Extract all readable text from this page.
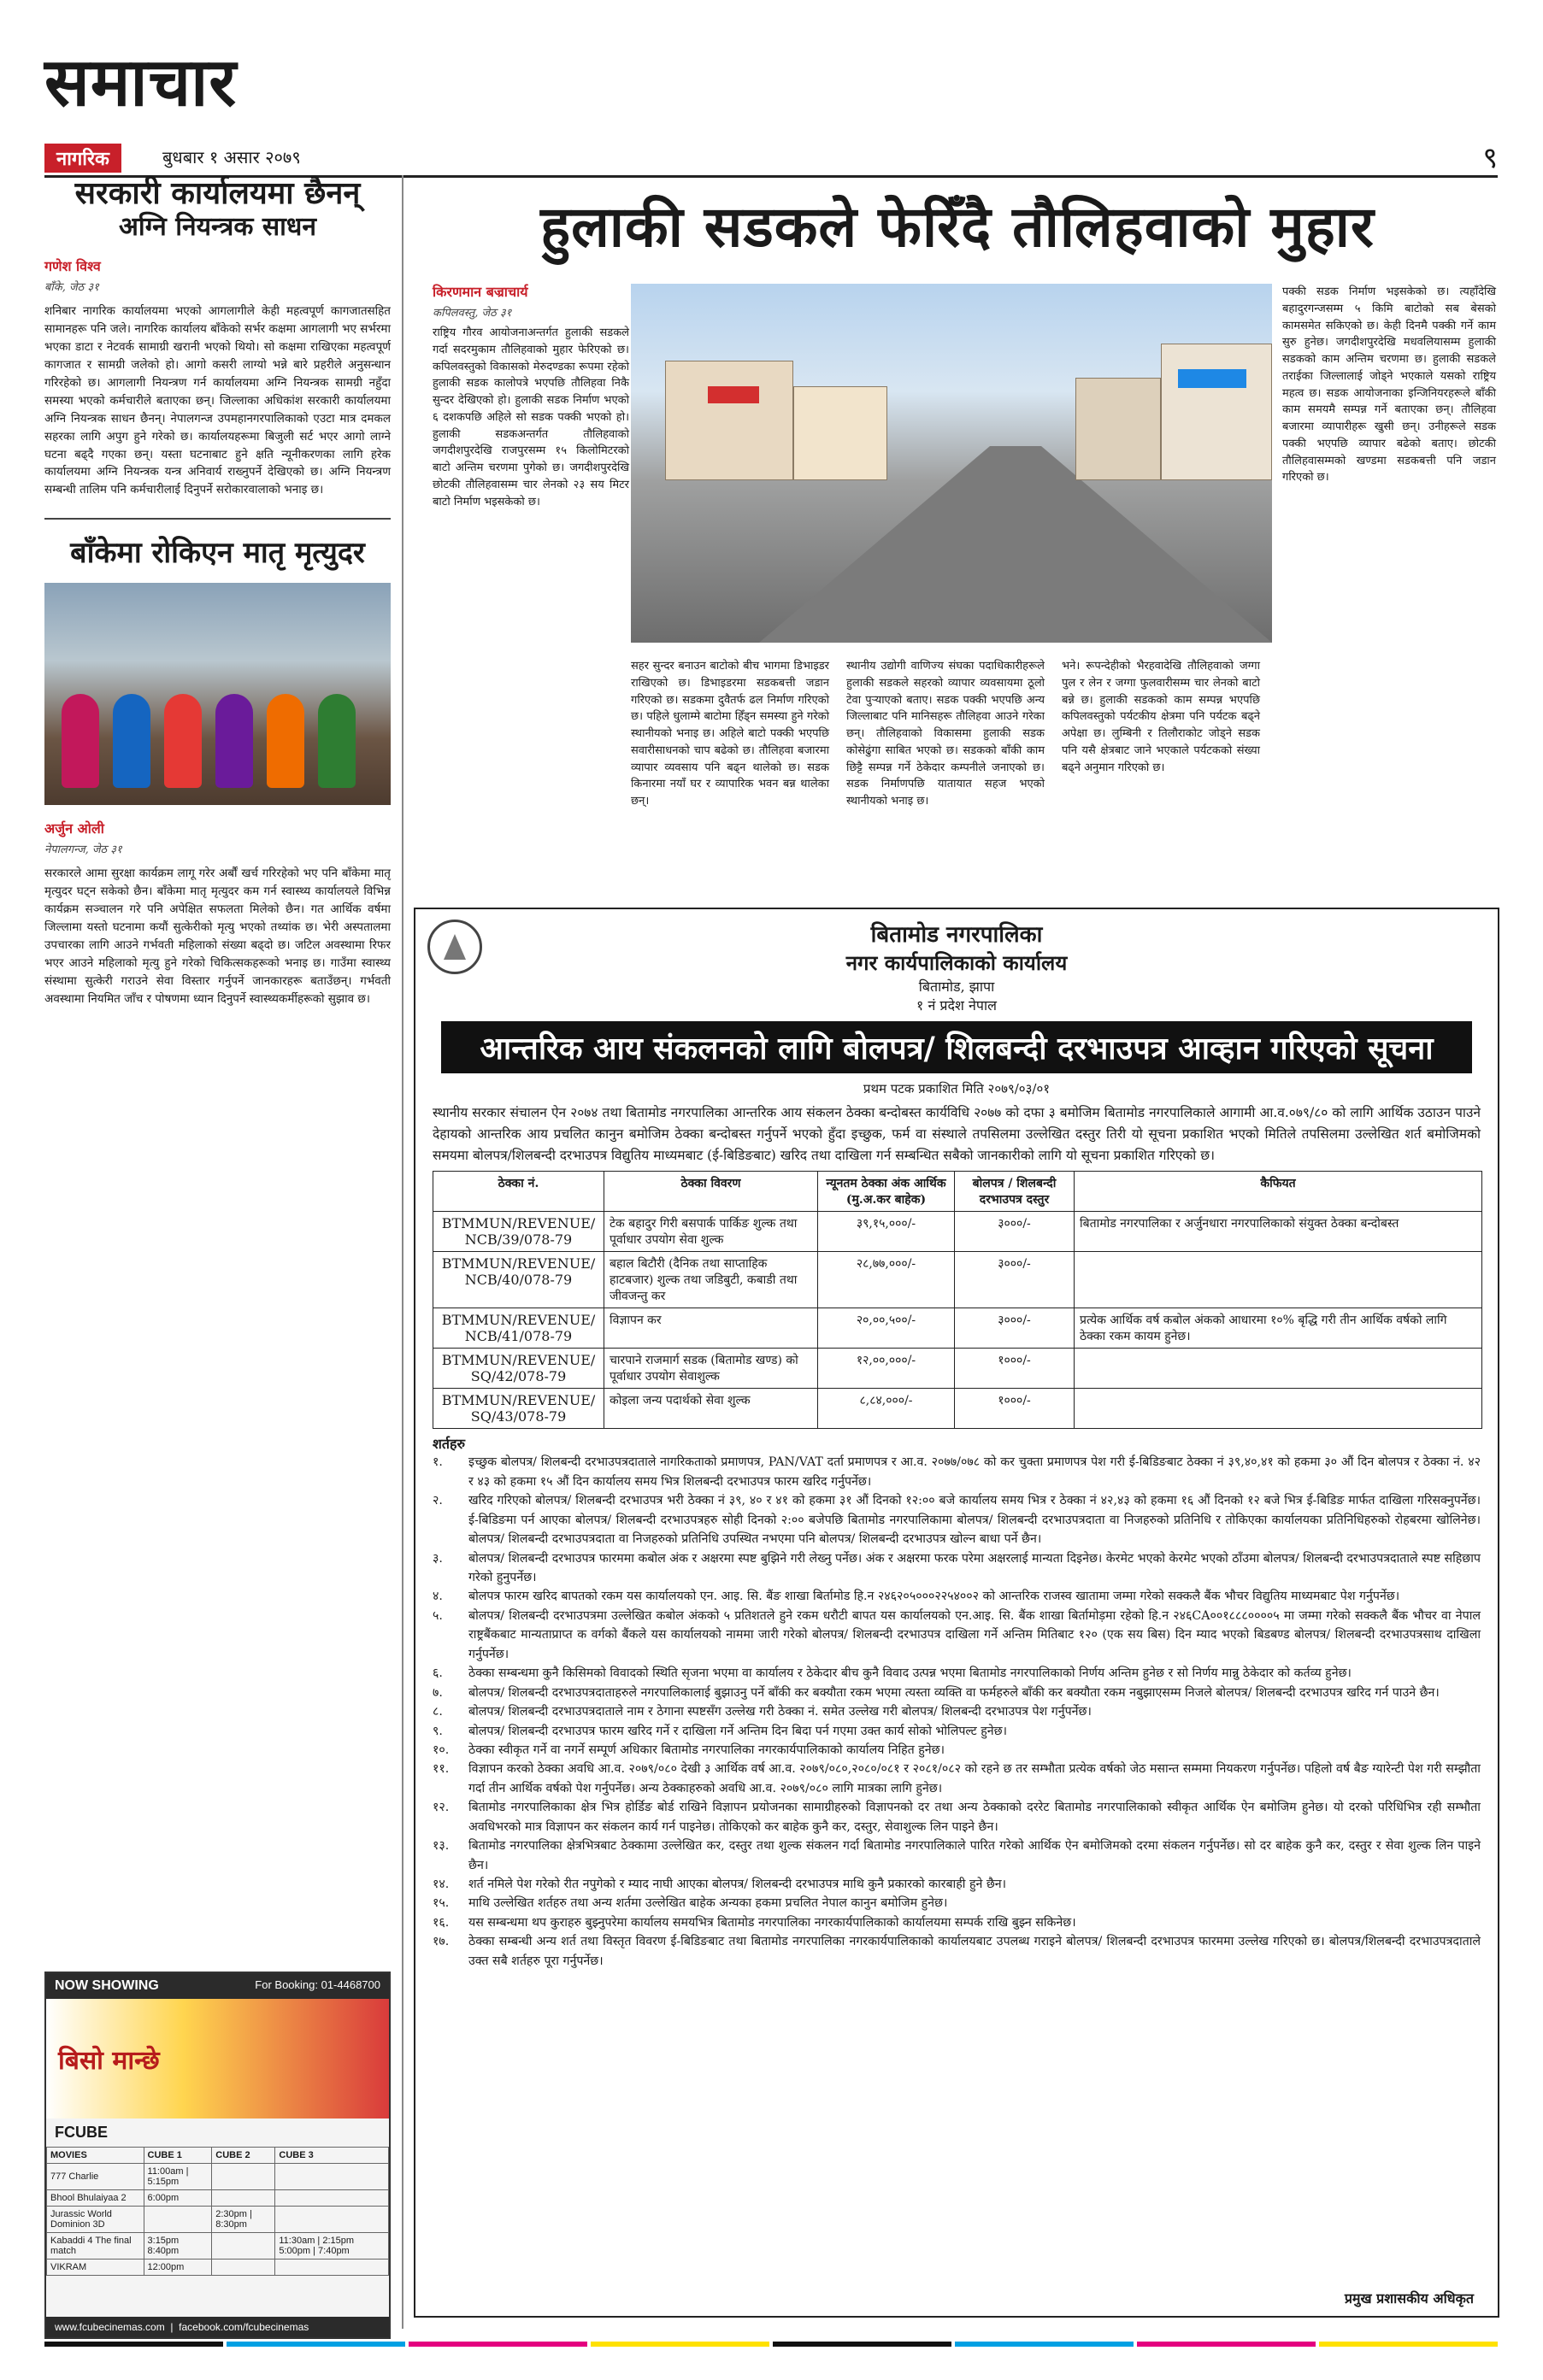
समाचार
नागरिक	बुधबार १ असार २०७९	९
सरकारी कार्यालयमा छैनन्
अग्नि नियन्त्रक साधन
गणेश विश्व
बाँके, जेठ ३१
शनिबार नागरिक कार्यालयमा भएको आगलागीले केही महत्वपूर्ण कागजातसहित सामानहरू पनि जले। नागरिक कार्यालय बाँकेको सर्भर कक्षमा आगलागी भए सर्भरमा भएका डाटा र नेटवर्क सामाग्री खरानी भएको थियो। सो कक्षमा राखिएका महत्वपूर्ण कागजात र सामग्री जलेको हो। आगो कसरी लाग्यो भन्ने बारे प्रहरीले अनुसन्धान गरिरहेको छ। आगलागी नियन्त्रण गर्न कार्यालयमा अग्नि नियन्त्रक सामग्री नहुँदा समस्या भएको कर्मचारीले बताएका छन्। जिल्लाका अधिकांश सरकारी कार्यालयमा अग्नि नियन्त्रक साधन छैनन्। नेपालगन्ज उपमहानगरपालिकाको एउटा मात्र दमकल सहरका लागि अपुग हुने गरेको छ। कार्यालयहरूमा बिजुली सर्ट भएर आगो लाग्ने घटना बढ्दै गएका छन्। यस्ता घटनाबाट हुने क्षति न्यूनीकरणका लागि हरेक कार्यालयमा अग्नि नियन्त्रक यन्त्र अनिवार्य राख्नुपर्ने देखिएको छ। अग्नि नियन्त्रण सम्बन्धी तालिम पनि कर्मचारीलाई दिनुपर्ने सरोकारवालाको भनाइ छ।
बाँकेमा रोकिएन मातृ मृत्युदर
अर्जुन ओली
नेपालगन्ज, जेठ ३१
सरकारले आमा सुरक्षा कार्यक्रम लागू गरेर अर्बौं खर्च गरिरहेको भए पनि बाँकेमा मातृ मृत्युदर घट्न सकेको छैन। बाँकेमा मातृ मृत्युदर कम गर्न स्वास्थ्य कार्यालयले विभिन्न कार्यक्रम सञ्चालन गरे पनि अपेक्षित सफलता मिलेको छैन। गत आर्थिक वर्षमा जिल्लामा यस्तो घटनामा कयौं सुत्केरीको मृत्यु भएको तथ्यांक छ। भेरी अस्पतालमा उपचारका लागि आउने गर्भवती महिलाको संख्या बढ्दो छ। जटिल अवस्थामा रिफर भएर आउने महिलाको मृत्यु हुने गरेको चिकित्सकहरूको भनाइ छ। गाउँमा स्वास्थ्य संस्थामा सुत्केरी गराउने सेवा विस्तार गर्नुपर्ने जानकारहरू बताउँछन्। गर्भवती अवस्थामा नियमित जाँच र पोषणमा ध्यान दिनुपर्ने स्वास्थ्यकर्मीहरूको सुझाव छ।
NOW SHOWING	For Booking: 01-4468700
बिसो मान्छे
FCUBE
MOVIES	CUBE 1	CUBE 2	CUBE 3
777 Charlie	11:00am | 5:15pm		
Bhool Bhulaiyaa 2	6:00pm		
Jurassic World Dominion 3D		2:30pm | 8:30pm	
Kabaddi 4 The final match	3:15pm 8:40pm		11:30am | 2:15pm 5:00pm | 7:40pm
VIKRAM	12:00pm		
www.fcubecinemas.com  |  facebook.com/fcubecinemas
हुलाकी सडकले फेरिँदै तौलिहवाको मुहार
किरणमान बज्राचार्य
कपिलवस्तु, जेठ ३१
राष्ट्रिय गौरव आयोजनाअन्तर्गत हुलाकी सडकले गर्दा सदरमुकाम तौलिहवाको मुहार फेरिएको छ। कपिलवस्तुको विकासको मेरुदण्डका रूपमा रहेको हुलाकी सडक कालोपत्रे भएपछि तौलिहवा निकै सुन्दर देखिएको हो। हुलाकी सडक निर्माण भएको ६ दशकपछि अहिले सो सडक पक्की भएको हो। हुलाकी सडकअन्तर्गत तौलिहवाको जगदीशपुरदेखि राजपुरसम्म १५ किलोमिटरको बाटो अन्तिम चरणमा पुगेको छ। जगदीशपुरदेखि छोटकी तौलिहवासम्म चार लेनको २३ सय मिटर बाटो निर्माण भइसकेको छ।
पक्की सडक निर्माण भइसकेको छ। त्यहाँदेखि बहादुरगन्जसम्म ५ किमि बाटोको सब बेसको कामसमेत सकिएको छ। केही दिनमै पक्की गर्ने काम सुरु हुनेछ। जगदीशपुरदेखि मधवलियासम्म हुलाकी सडकको काम अन्तिम चरणमा छ। हुलाकी सडकले तराईका जिल्लालाई जोड्ने भएकाले यसको राष्ट्रिय महत्व छ। सडक आयोजनाका इन्जिनियरहरूले बाँकी काम समयमै सम्पन्न गर्ने बताएका छन्। तौलिहवा बजारमा व्यापारीहरू खुसी छन्। उनीहरूले सडक पक्की भएपछि व्यापार बढेको बताए। छोटकी तौलिहवासम्मको खण्डमा सडकबत्ती पनि जडान गरिएको छ।
सहर सुन्दर बनाउन बाटोको बीच भागमा डिभाइडर राखिएको छ। डिभाइडरमा सडकबत्ती जडान गरिएको छ। सडकमा दुवैतर्फ ढल निर्माण गरिएको छ। पहिले धुलाम्मे बाटोमा हिँड्न समस्या हुने गरेको स्थानीयको भनाइ छ। अहिले बाटो पक्की भएपछि सवारीसाधनको चाप बढेको छ। तौलिहवा बजारमा व्यापार व्यवसाय पनि बढ्न थालेको छ। सडक किनारमा नयाँ घर र व्यापारिक भवन बन्न थालेका छन्।
स्थानीय उद्योगी वाणिज्य संघका पदाधिकारीहरूले हुलाकी सडकले सहरको व्यापार व्यवसायमा ठूलो टेवा पुर्‍याएको बताए। सडक पक्की भएपछि अन्य जिल्लाबाट पनि मानिसहरू तौलिहवा आउने गरेका छन्। तौलिहवाको विकासमा हुलाकी सडक कोसेढुंगा साबित भएको छ। सडकको बाँकी काम छिट्टै सम्पन्न गर्ने ठेकेदार कम्पनीले जनाएको छ। सडक निर्माणपछि यातायात सहज भएको स्थानीयको भनाइ छ।
भने। रूपन्देहीको भैरहवादेखि तौलिहवाको जग्गा पुल र लेन र जग्गा फुलवारीसम्म चार लेनको बाटो बन्ने छ। हुलाकी सडकको काम सम्पन्न भएपछि कपिलवस्तुको पर्यटकीय क्षेत्रमा पनि पर्यटक बढ्ने अपेक्षा छ। लुम्बिनी र तिलौराकोट जोड्ने सडक पनि यसै क्षेत्रबाट जाने भएकाले पर्यटकको संख्या बढ्ने अनुमान गरिएको छ।
बितामोड नगरपालिका
नगर कार्यपालिकाको कार्यालय
बितामोड, झापा
१ नं प्रदेश नेपाल
आन्तरिक आय संकलनको लागि बोलपत्र/ शिलबन्दी दरभाउपत्र आव्हान गरिएको सूचना
प्रथम पटक प्रकाशित मिति २०७९/०३/०१
स्थानीय सरकार संचालन ऐन २०७४ तथा बितामोड नगरपालिका आन्तरिक आय संकलन ठेक्का बन्दोबस्त कार्यविधि २०७७ को दफा ३ बमोजिम बितामोड नगरपालिकाले आगामी आ.व.०७९/८० को लागि आर्थिक उठाउन पाउने देहायको आन्तरिक आय प्रचलित कानुन बमोजिम ठेक्का बन्दोबस्त गर्नुपर्ने भएको हुँदा इच्छुक, फर्म वा संस्थाले तपसिलमा उल्लेखित दस्तुर तिरी यो सूचना प्रकाशित भएको मितिले तपसिलमा उल्लेखित शर्त बमोजिमको समयमा बोलपत्र/शिलबन्दी दरभाउपत्र विद्युतिय माध्यमबाट (ई-बिडिङबाट) खरिद तथा दाखिला गर्न सम्बन्धित सबैको जानकारीको लागि यो सूचना प्रकाशित गरिएको छ।
ठेक्का नं.	ठेक्का विवरण	न्यूनतम ठेक्का अंक आर्थिक (मु.अ.कर बाहेक)	बोलपत्र / शिलबन्दी दरभाउपत्र दस्तुर	कैफियत
BTMMUN/REVENUE/ NCB/39/078-79	टेक बहादुर गिरी बसपार्क पार्किङ शुल्क तथा पूर्वाधार उपयोग सेवा शुल्क	३९,१५,०००/-	३०००/-	बितामोड नगरपालिका र अर्जुनधारा नगरपालिकाको संयुक्त ठेक्का बन्दोबस्त
BTMMUN/REVENUE/ NCB/40/078-79	बहाल बिटौरी (दैनिक तथा साप्ताहिक हाटबजार) शुल्क तथा जडिबुटी, कबाडी तथा जीवजन्तु कर	२८,७७,०००/-	३०००/-	
BTMMUN/REVENUE/ NCB/41/078-79	विज्ञापन कर	२०,००,५००/-	३०००/-	प्रत्येक आर्थिक वर्ष कबोल अंकको आधारमा १०% बृद्धि गरी तीन आर्थिक वर्षको लागि ठेक्का रकम कायम हुनेछ।
BTMMUN/REVENUE/ SQ/42/078-79	चारपाने राजमार्ग सडक (बितामोड खण्ड) को पूर्वाधार उपयोग सेवाशुल्क	१२,००,०००/-	१०००/-	
BTMMUN/REVENUE/ SQ/43/078-79	कोइला जन्य पदार्थको सेवा शुल्क	८,८४,०००/-	१०००/-	
शर्तहरु
१.	इच्छुक बोलपत्र/ शिलबन्दी दरभाउपत्रदाताले नागरिकताको प्रमाणपत्र, PAN/VAT दर्ता प्रमाणपत्र र आ.व. २०७७/०७८ को कर चुक्ता प्रमाणपत्र पेश गरी ई-बिडिङबाट ठेक्का नं ३९,४०,४१ को हकमा ३० औं दिन बोलपत्र र ठेक्का नं. ४२ र ४३ को हकमा १५ औं दिन कार्यालय समय भित्र शिलबन्दी दरभाउपत्र फारम खरिद गर्नुपर्नेछ।
२.	खरिद गरिएको बोलपत्र/ शिलबन्दी दरभाउपत्र भरी ठेक्का नं ३९, ४० र ४१ को हकमा ३१ औं दिनको १२:०० बजे कार्यालय समय भित्र र ठेक्का नं ४२,४३ को हकमा १६ औं दिनको १२ बजे भित्र ई-बिडिङ मार्फत दाखिला गरिसक्नुपर्नेछ। ई-बिडिङमा पर्न आएका बोलपत्र/ शिलबन्दी दरभाउपत्रहरु सोही दिनको २:०० बजेपछि बितामोड नगरपालिकामा बोलपत्र/ शिलबन्दी दरभाउपत्रदाता वा निजहरुको प्रतिनिधि र तोकिएका कार्यालयका प्रतिनिधिहरुको रोहबरमा खोलिनेछ। बोलपत्र/ शिलबन्दी दरभाउपत्रदाता वा निजहरुको प्रतिनिधि उपस्थित नभएमा पनि बोलपत्र/ शिलबन्दी दरभाउपत्र खोल्न बाधा पर्ने छैन।
३.	बोलपत्र/ शिलबन्दी दरभाउपत्र फारममा कबोल अंक र अक्षरमा स्पष्ट बुझिने गरी लेख्नु पर्नेछ। अंक र अक्षरमा फरक परेमा अक्षरलाई मान्यता दिइनेछ। केरमेट भएको केरमेट भएको ठाँउमा बोलपत्र/ शिलबन्दी दरभाउपत्रदाताले स्पष्ट सहिछाप गरेको हुनुपर्नेछ।
४.	बोलपत्र फारम खरिद बापतको रकम यस कार्यालयको एन. आइ. सि. बैंङ शाखा बिर्तामोड हि.न २४६२०५०००२२५४००२ को आन्तरिक राजस्व खातामा जम्मा गरेको सक्कलै बैंक भौचर विद्युतिय माध्यमबाट पेश गर्नुपर्नेछ।
५.	बोलपत्र/ शिलबन्दी दरभाउपत्रमा उल्लेखित कबोल अंकको ५ प्रतिशतले हुने रकम धरौटी बापत यस कार्यालयको एन.आइ. सि. बैंक शाखा बिर्तामोड़मा रहेको हि.न २४६CA००१८८८००००५ मा जम्मा गरेको सक्कलै बैंक भौचर वा नेपाल राष्ट्रबैंकबाट मान्यताप्राप्त क वर्गको बैंकले यस कार्यालयको नाममा जारी गरेको बोलपत्र/ शिलबन्दी दरभाउपत्र दाखिला गर्ने अन्तिम मितिबाट १२० (एक सय बिस) दिन म्याद भएको बिडबण्ड बोलपत्र/ शिलबन्दी दरभाउपत्रसाथ दाखिला गर्नुपर्नेछ।
६.	ठेक्का सम्बन्धमा कुनै किसिमको विवादको स्थिति सृजना भएमा वा कार्यालय र ठेकेदार बीच कुनै विवाद उत्पन्न भएमा बितामोड नगरपालिकाको निर्णय अन्तिम हुनेछ र सो निर्णय मान्नु ठेकेदार को कर्तव्य हुनेछ।
७.	बोलपत्र/ शिलबन्दी दरभाउपत्रदाताहरुले नगरपालिकालाई बुझाउनु पर्ने बाँकी कर बक्यौता रकम भएमा त्यस्ता व्यक्ति वा फर्महरुले बाँकी कर बक्यौता रकम नबुझाएसम्म निजले बोलपत्र/ शिलबन्दी दरभाउपत्र खरिद गर्न पाउने छैन।
८.	बोलपत्र/ शिलबन्दी दरभाउपत्रदाताले नाम र ठेगाना स्पष्टसँग उल्लेख गरी ठेक्का नं. समेत उल्लेख गरी बोलपत्र/ शिलबन्दी दरभाउपत्र पेश गर्नुपर्नेछ।
९.	बोलपत्र/ शिलबन्दी दरभाउपत्र फारम खरिद गर्ने र दाखिला गर्ने अन्तिम दिन बिदा पर्न गएमा उक्त कार्य सोको भोलिपल्ट हुनेछ।
१०.	ठेक्का स्वीकृत गर्ने वा नगर्ने सम्पूर्ण अधिकार बितामोड नगरपालिका नगरकार्यपालिकाको कार्यालय निहित हुनेछ।
११.	विज्ञापन करको ठेक्का अवधि आ.व. २०७९/०८० देखी ३ आर्थिक वर्ष आ.व. २०७९/०८०,२०८०/०८१ र २०८१/०८२ को रहने छ तर सम्भौता प्रत्येक वर्षको जेठ मसान्त सम्ममा नियकरण गर्नुपर्नेछ। पहिलो वर्ष बैङ ग्यारेन्टी पेश गरी सम्झौता गर्दा तीन आर्थिक वर्षको पेश गर्नुपर्नेछ। अन्य ठेक्काहरुको अवधि आ.व. २०७९/०८० लागि मात्रका लागि हुनेछ।
१२.	बितामोड नगरपालिकाका क्षेत्र भित्र होर्डिङ बोर्ड राखिने विज्ञापन प्रयोजनका सामाग्रीहरुको विज्ञापनको दर तथा अन्य ठेक्काको दररेट बितामोड नगरपालिकाको स्वीकृत आर्थिक ऐन बमोजिम हुनेछ। यो दरको परिधिभित्र रही सम्भौता अवधिभरको मात्र विज्ञापन कर संकलन कार्य गर्न पाइनेछ। तोकिएको कर बाहेक कुनै कर, दस्तुर, सेवाशुल्क लिन पाइने छैन।
१३.	बितामोड नगरपालिका क्षेत्रभित्रबाट ठेक्कामा उल्लेखित कर, दस्तुर तथा शुल्क संकलन गर्दा बितामोड नगरपालिकाले पारित गरेको आर्थिक ऐन बमोजिमको दरमा संकलन गर्नुपर्नेछ। सो दर बाहेक कुनै कर, दस्तुर र सेवा शुल्क लिन पाइने छैन।
१४.	शर्त नमिले पेश गरेको रीत नपुगेको र म्याद नाघी आएका बोलपत्र/ शिलबन्दी दरभाउपत्र माथि कुनै प्रकारको कारबाही हुने छैन।
१५.	माथि उल्लेखित शर्तहरु तथा अन्य शर्तमा उल्लेखित बाहेक अन्यका हकमा प्रचलित नेपाल कानुन बमोजिम हुनेछ।
१६.	यस सम्बन्धमा थप कुराहरु बुझ्नुपरेमा कार्यालय समयभित्र बितामोड नगरपालिका नगरकार्यपालिकाको कार्यालयमा सम्पर्क राखि बुझ्न सकिनेछ।
१७.	ठेक्का सम्बन्धी अन्य शर्त तथा विस्तृत विवरण ई-बिडिङबाट तथा बितामोड नगरपालिका नगरकार्यपालिकाको कार्यालयबाट उपलब्ध गराइने बोलपत्र/ शिलबन्दी दरभाउपत्र फारममा उल्लेख गरिएको छ। बोलपत्र/शिलबन्दी दरभाउपत्रदाताले उक्त सबै शर्तहरु पूरा गर्नुपर्नेछ।
प्रमुख प्रशासकीय अधिकृत
